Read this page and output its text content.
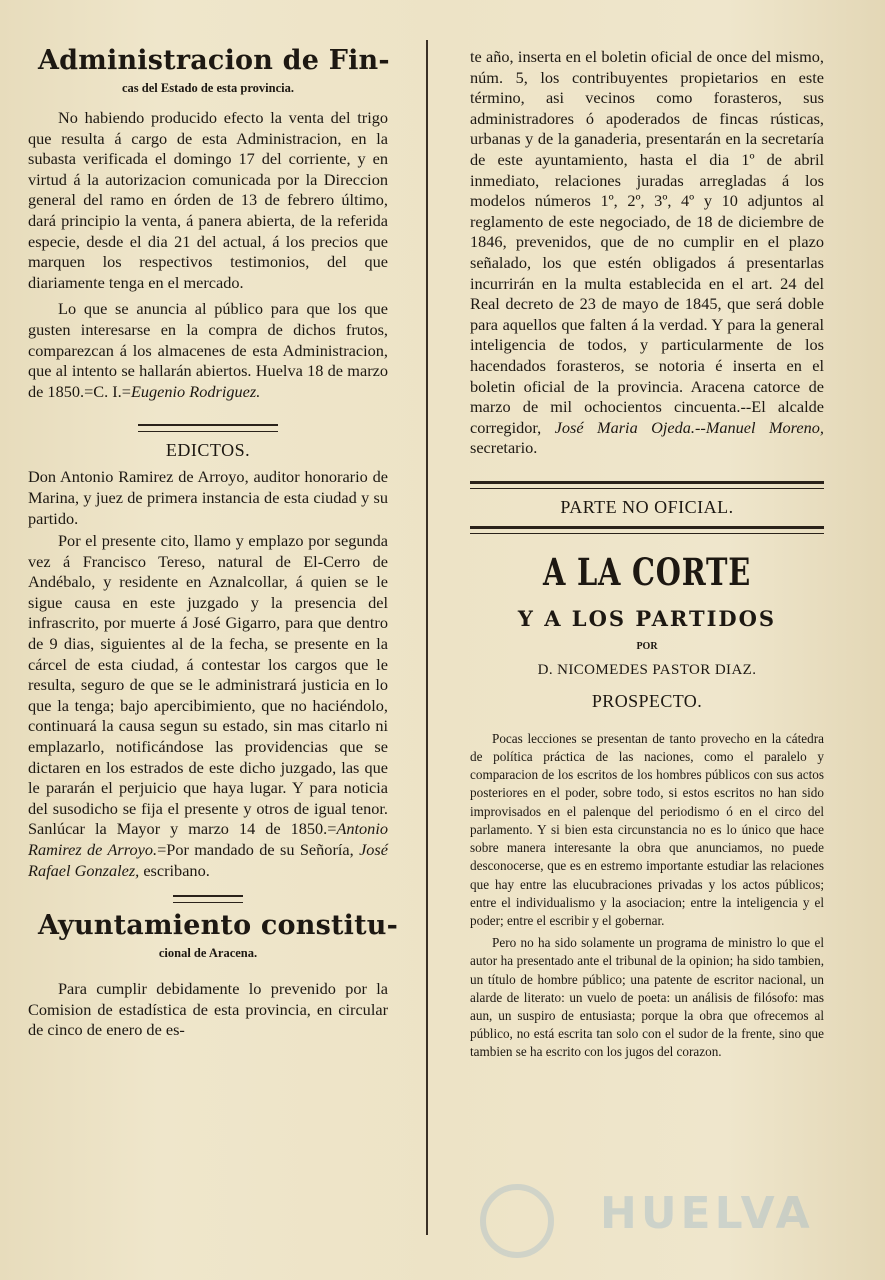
Administracion de Fin-
cas del Estado de esta provincia.

No habiendo producido efecto la venta del trigo que resulta á cargo de esta Administracion, en la subasta verificada el domingo 17 del corriente, y en virtud á la autorizacion comunicada por la Direccion general del ramo en órden de 13 de febrero último, dará principio la venta, á panera abierta, de la referida especie, desde el dia 21 del actual, á los precios que marquen los respectivos testimonios, del que diariamente tenga en el mercado.

Lo que se anuncia al público para que los que gusten interesarse en la compra de dichos frutos, comparezcan á los almacenes de esta Administracion, que al intento se hallarán abiertos. Huelva 18 de marzo de 1850.=C. I.=Eugenio Rodriguez.

EDICTOS.

Don Antonio Ramirez de Arroyo, auditor honorario de Marina, y juez de primera instancia de esta ciudad y su partido.

Por el presente cito, llamo y emplazo por segunda vez á Francisco Tereso, natural de El-Cerro de Andébalo, y residente en Aznalcollar, á quien se le sigue causa en este juzgado y la presencia del infrascrito, por muerte á José Gigarro, para que dentro de 9 dias, siguientes al de la fecha, se presente en la cárcel de esta ciudad, á contestar los cargos que le resulta, seguro de que se le administrará justicia en lo que la tenga; bajo apercibimiento, que no haciéndolo, continuará la causa segun su estado, sin mas citarlo ni emplazarlo, notificándose las providencias que se dictaren en los estrados de este dicho juzgado, las que le pararán el perjuicio que haya lugar. Y para noticia del susodicho se fija el presente y otros de igual tenor. Sanlúcar la Mayor y marzo 14 de 1850.=Antonio Ramirez de Arroyo.=Por mandado de su Señoría, José Rafael Gonzalez, escribano.

Ayuntamiento constitu-
cional de Aracena.

Para cumplir debidamente lo prevenido por la Comision de estadística de esta provincia, en circular de cinco de enero de es-

te año, inserta en el boletin oficial de once del mismo, núm. 5, los contribuyentes propietarios en este término, asi vecinos como forasteros, sus administradores ó apoderados de fincas rústicas, urbanas y de la ganaderia, presentarán en la secretaría de este ayuntamiento, hasta el dia 1º de abril inmediato, relaciones juradas arregladas á los modelos números 1º, 2º, 3º, 4º y 10 adjuntos al reglamento de este negociado, de 18 de diciembre de 1846, prevenidos, que de no cumplir en el plazo señalado, los que estén obligados á presentarlas incurrirán en la multa establecida en el art. 24 del Real decreto de 23 de mayo de 1845, que será doble para aquellos que falten á la verdad. Y para la general inteligencia de todos, y particularmente de los hacendados forasteros, se notoria é inserta en el boletin oficial de la provincia. Aracena catorce de marzo de mil ochocientos cincuenta.--El alcalde corregidor, José Maria Ojeda.--Manuel Moreno, secretario.

PARTE NO OFICIAL.
A LA CORTE
Y A LOS PARTIDOS
POR
D. NICOMEDES PASTOR DIAZ.
PROSPECTO.

Pocas lecciones se presentan de tanto provecho en la cátedra de política práctica de las naciones, como el paralelo y comparacion de los escritos de los hombres públicos con sus actos posteriores en el poder, sobre todo, si estos escritos no han sido improvisados en el palenque del periodismo ó en el circo del parlamento. Y si bien esta circunstancia no es lo único que hace sobre manera interesante la obra que anunciamos, no puede desconocerse, que es en estremo importante estudiar las relaciones que hay entre las elucubraciones privadas y los actos públicos; entre el individualismo y la asociacion; entre la inteligencia y el poder; entre el escribir y el gobernar.

Pero no ha sido solamente un programa de ministro lo que el autor ha presentado ante el tribunal de la opinion; ha sido tambien, un título de hombre público; una patente de escritor nacional, un alarde de literato: un vuelo de poeta: un análisis de filósofo: mas aun, un suspiro de entusiasta; porque la obra que ofrecemos al público, no está escrita tan solo con el sudor de la frente, sino que tambien se ha escrito con los jugos del corazon.

HUELVA
